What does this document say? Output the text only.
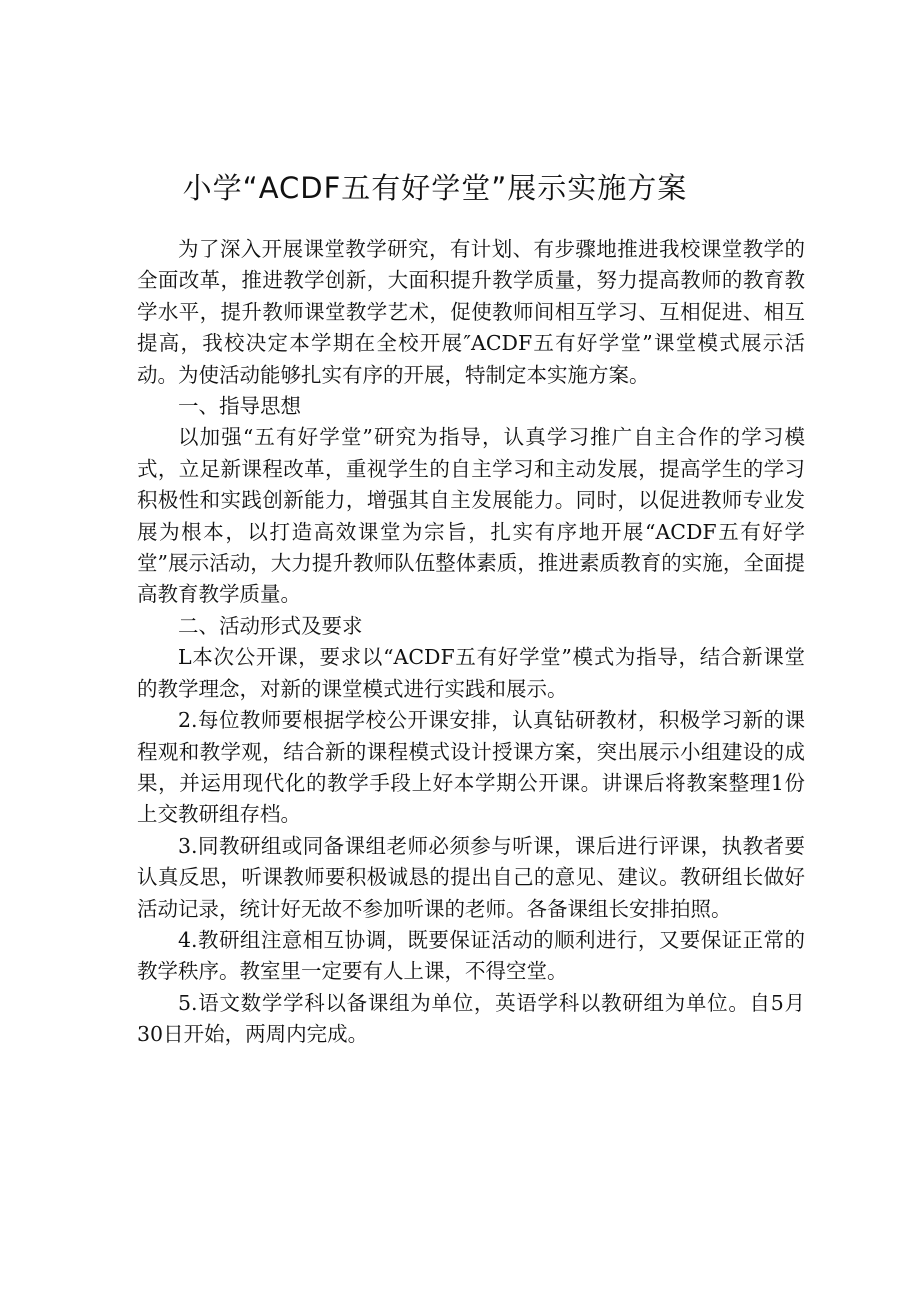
小学“ACDF五有好学堂”展示实施方案

为了深入开展课堂教学研究，有计划、有步骤地推进我校课堂教学的全面改革，推进教学创新，大面积提升教学质量，努力提高教师的教育教学水平，提升教师课堂教学艺术，促使教师间相互学习、互相促进、相互提高，我校决定本学期在全校开展″ACDF五有好学堂”课堂模式展示活动。为使活动能够扎实有序的开展，特制定本实施方案。

一、指导思想

以加强“五有好学堂”研究为指导，认真学习推广自主合作的学习模式，立足新课程改革，重视学生的自主学习和主动发展，提高学生的学习积极性和实践创新能力，增强其自主发展能力。同时，以促进教师专业发展为根本，以打造高效课堂为宗旨，扎实有序地开展“ACDF五有好学堂”展示活动，大力提升教师队伍整体素质，推进素质教育的实施，全面提高教育教学质量。

二、活动形式及要求

L本次公开课，要求以“ACDF五有好学堂”模式为指导，结合新课堂的教学理念，对新的课堂模式进行实践和展示。

2.每位教师要根据学校公开课安排，认真钻研教材，积极学习新的课程观和教学观，结合新的课程模式设计授课方案，突出展示小组建设的成果，并运用现代化的教学手段上好本学期公开课。讲课后将教案整理1份上交教研组存档。

3.同教研组或同备课组老师必须参与听课，课后进行评课，执教者要认真反思，听课教师要积极诚恳的提出自己的意见、建议。教研组长做好活动记录，统计好无故不参加听课的老师。各备课组长安排拍照。

4.教研组注意相互协调，既要保证活动的顺利进行，又要保证正常的教学秩序。教室里一定要有人上课，不得空堂。

5.语文数学学科以备课组为单位，英语学科以教研组为单位。自5月30日开始，两周内完成。
